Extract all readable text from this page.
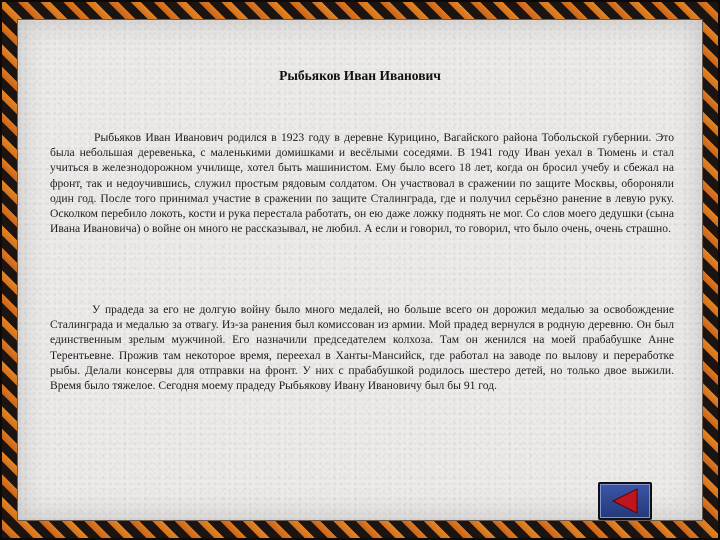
Рыбьяков Иван Иванович

Рыбьяков Иван Иванович родился в 1923 году в деревне Курицино, Вагайского района Тобольской губернии. Это была небольшая деревенька, с маленькими домишками и весёлыми соседями. В 1941 году Иван уехал в Тюмень и стал учиться в железнодорожном училище, хотел быть машинистом. Ему было всего 18 лет, когда он бросил учебу и сбежал на фронт, так и недоучившись, служил простым рядовым солдатом. Он участвовал в сражении по защите Москвы, обороняли один год. После того принимал участие в сражении по защите Сталинграда, где и получил серьёзно ранение в левую руку. Осколком перебило локоть, кости и рука перестала работать, он ею даже ложку поднять не мог. Со слов моего дедушки (сына Ивана Ивановича) о войне он много не рассказывал, не любил. А если и говорил, то говорил, что было очень, очень страшно.

У прадеда за его не долгую войну было много медалей, но больше всего он дорожил медалью за освобождение Сталинграда и медалью за отвагу. Из-за ранения был комиссован из армии. Мой прадед вернулся в родную деревню. Он был единственным зрелым мужчиной. Его назначили председателем колхоза. Там он женился на моей прабабушке Анне Терентьевне. Прожив там некоторое время, переехал в Ханты-Мансийск, где работал на заводе по вылову и переработке рыбы. Делали консервы для отправки на фронт. У них с прабабушкой родилось шестеро детей, но только двое выжили. Время было тяжелое. Сегодня моему прадеду Рыбьякову Ивану Ивановичу был бы 91 год.
